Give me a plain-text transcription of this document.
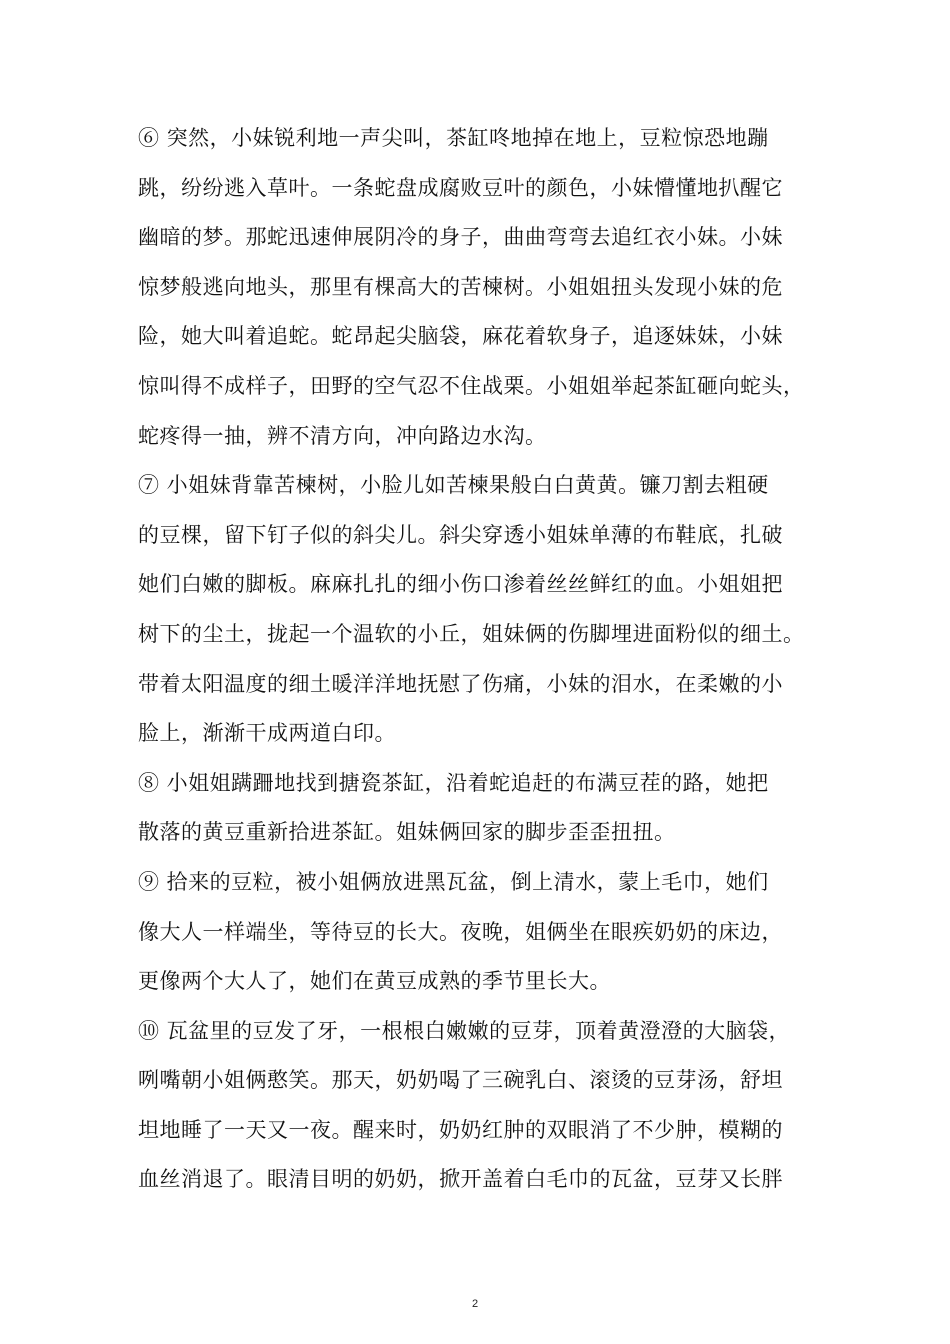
⑥ 突然，小妹锐利地一声尖叫，茶缸咚地掉在地上，豆粒惊恐地蹦
跳，纷纷逃入草叶。一条蛇盘成腐败豆叶的颜色，小妹懵懂地扒醒它
幽暗的梦。那蛇迅速伸展阴冷的身子，曲曲弯弯去追红衣小妹。小妹
惊梦般逃向地头，那里有棵高大的苦楝树。小姐姐扭头发现小妹的危
险，她大叫着追蛇。蛇昂起尖脑袋，麻花着软身子，追逐妹妹，小妹
惊叫得不成样子，田野的空气忍不住战栗。小姐姐举起茶缸砸向蛇头，
蛇疼得一抽，辨不清方向，冲向路边水沟。
⑦ 小姐妹背靠苦楝树，小脸儿如苦楝果般白白黄黄。镰刀割去粗硬
的豆棵，留下钉子似的斜尖儿。斜尖穿透小姐妹单薄的布鞋底，扎破
她们白嫩的脚板。麻麻扎扎的细小伤口渗着丝丝鲜红的血。小姐姐把
树下的尘土，拢起一个温软的小丘，姐妹俩的伤脚埋进面粉似的细土。
带着太阳温度的细土暖洋洋地抚慰了伤痛，小妹的泪水，在柔嫩的小
脸上，渐渐干成两道白印。
⑧ 小姐姐蹒跚地找到搪瓷茶缸，沿着蛇追赶的布满豆茬的路，她把
散落的黄豆重新拾进茶缸。姐妹俩回家的脚步歪歪扭扭。
⑨ 拾来的豆粒，被小姐俩放进黑瓦盆，倒上清水，蒙上毛巾，她们
像大人一样端坐，等待豆的长大。夜晚，姐俩坐在眼疾奶奶的床边，
更像两个大人了，她们在黄豆成熟的季节里长大。
⑩ 瓦盆里的豆发了牙，一根根白嫩嫩的豆芽，顶着黄澄澄的大脑袋，
咧嘴朝小姐俩憨笑。那天，奶奶喝了三碗乳白、滚烫的豆芽汤，舒坦
坦地睡了一天又一夜。醒来时，奶奶红肿的双眼消了不少肿，模糊的
血丝消退了。眼清目明的奶奶，掀开盖着白毛巾的瓦盆，豆芽又长胖
2
